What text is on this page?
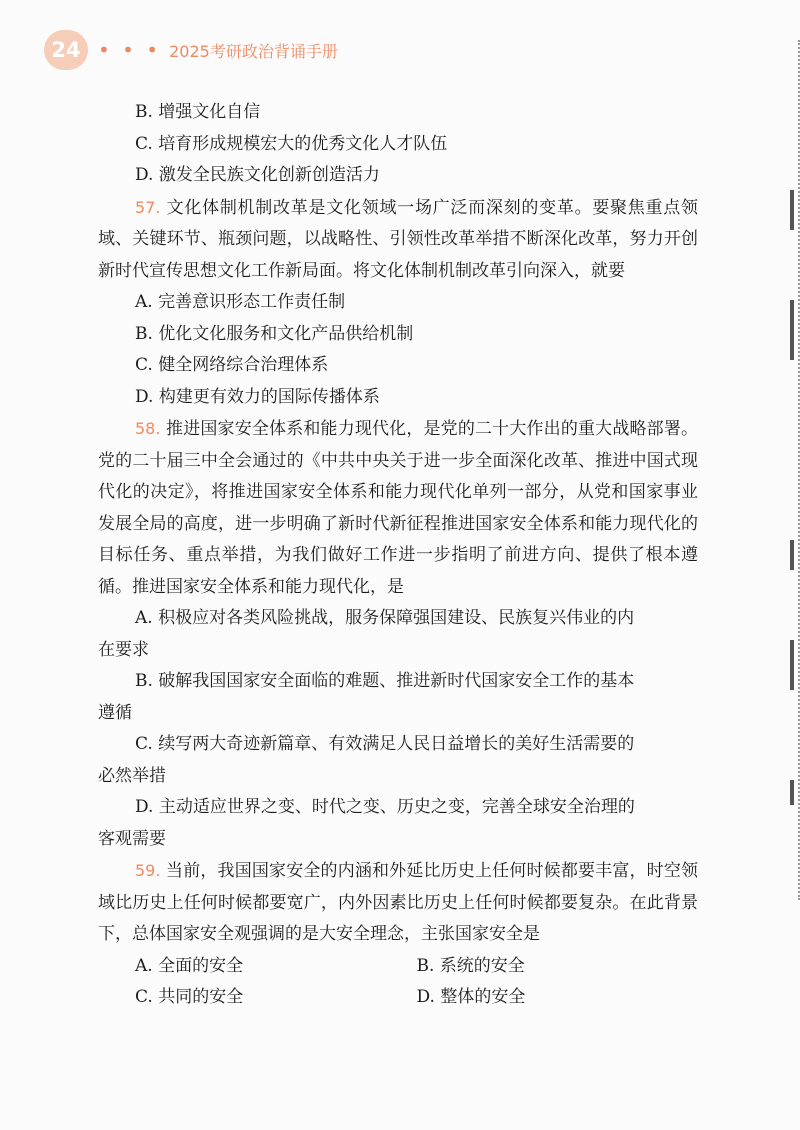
24 • • • 2025考研政治背诵手册
B. 增强文化自信
C. 培育形成规模宏大的优秀文化人才队伍
D. 激发全民族文化创新创造活力
57. 文化体制机制改革是文化领域一场广泛而深刻的变革。要聚焦重点领域、关键环节、瓶颈问题，以战略性、引领性改革举措不断深化改革，努力开创新时代宣传思想文化工作新局面。将文化体制机制改革引向深入，就要
A. 完善意识形态工作责任制
B. 优化文化服务和文化产品供给机制
C. 健全网络综合治理体系
D. 构建更有效力的国际传播体系
58. 推进国家安全体系和能力现代化，是党的二十大作出的重大战略部署。党的二十届三中全会通过的《中共中央关于进一步全面深化改革、推进中国式现代化的决定》，将推进国家安全体系和能力现代化单列一部分，从党和国家事业发展全局的高度，进一步明确了新时代新征程推进国家安全体系和能力现代化的目标任务、重点举措，为我们做好工作进一步指明了前进方向、提供了根本遵循。推进国家安全体系和能力现代化，是
A. 积极应对各类风险挑战，服务保障强国建设、民族复兴伟业的内
在要求
B. 破解我国国家安全面临的难题、推进新时代国家安全工作的基本
遵循
C. 续写两大奇迹新篇章、有效满足人民日益增长的美好生活需要的
必然举措
D. 主动适应世界之变、时代之变、历史之变，完善全球安全治理的
客观需要
59. 当前，我国国家安全的内涵和外延比历史上任何时候都要丰富，时空领域比历史上任何时候都要宽广，内外因素比历史上任何时候都要复杂。在此背景下，总体国家安全观强调的是大安全理念，主张国家安全是
A. 全面的安全	B. 系统的安全
C. 共同的安全	D. 整体的安全
